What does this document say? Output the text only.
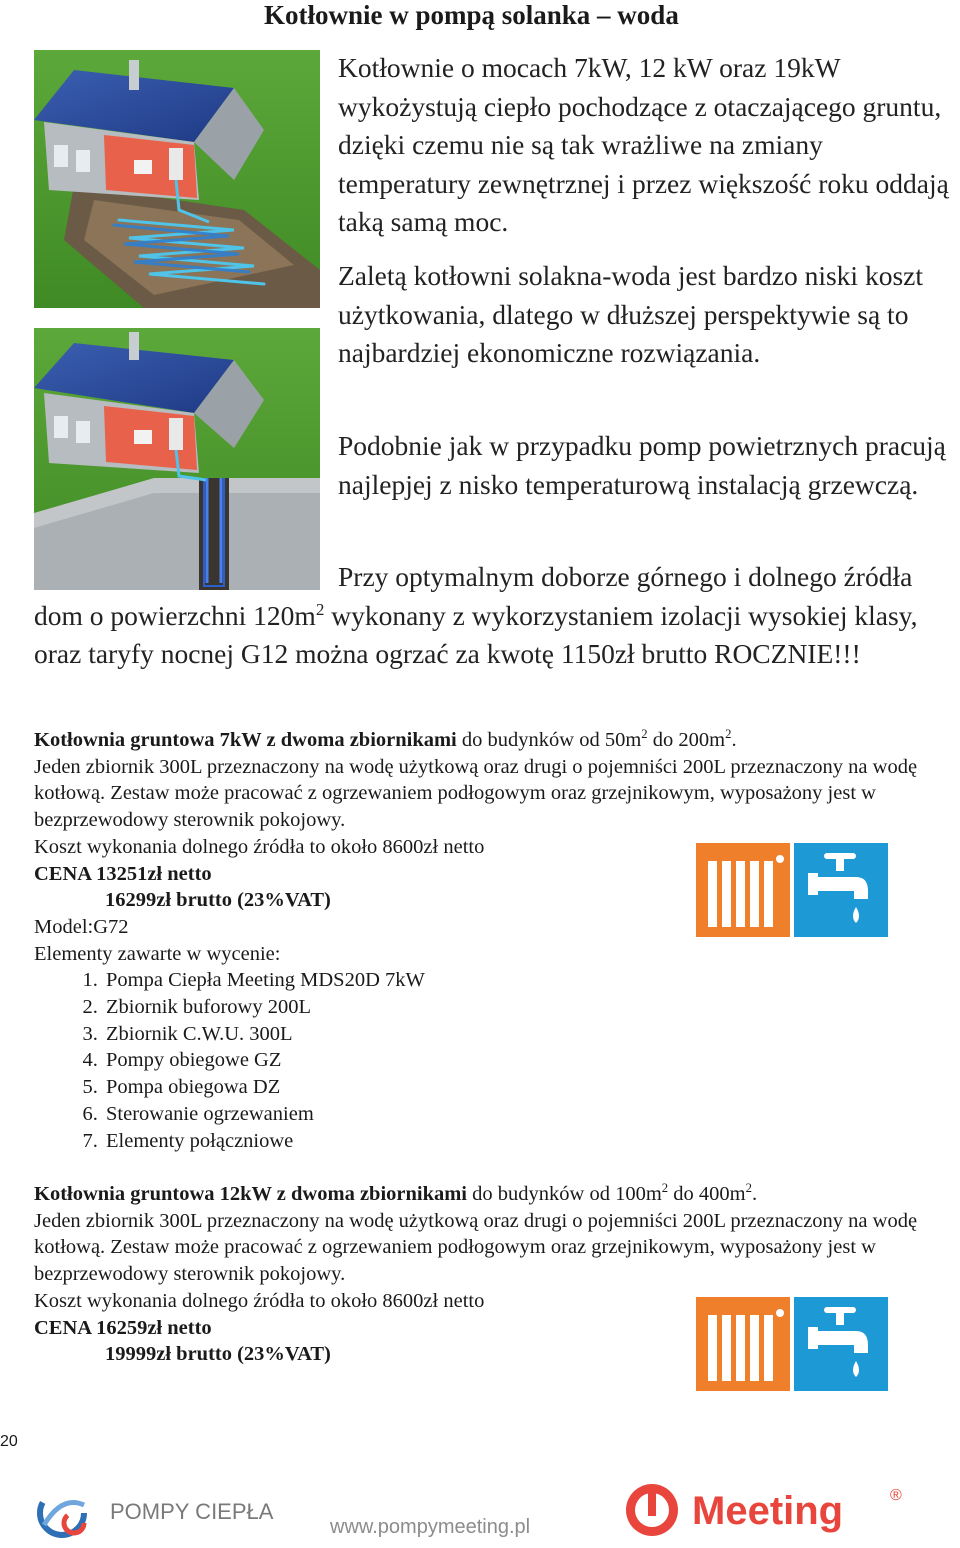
Kotłownie w pompą solanka – woda

Kotłownie o mocach 7kW, 12 kW oraz 19kW wykożystują ciepło pochodzące z otaczającego gruntu, dzięki czemu nie są tak wrażliwe na zmiany temperatury zewnętrznej i przez większość roku oddają taką samą moc.

Zaletą kotłowni solakna-woda jest bardzo niski koszt użytkowania, dlatego w dłuższej perspektywie są to najbardziej ekonomiczne rozwiązania.

Podobnie jak w przypadku pomp powietrznych pracują najlepjej z nisko temperaturową instalacją grzewczą.

Przy optymalnym doborze górnego i dolnego źródła dom o powierzchni $120m^2$ wykonany z wykorzystaniem izolacji wysokiej klasy, oraz taryfy nocnej G12 można ogrzać za kwotę 1150zł brutto ROCZNIE!!!

Kotłownia gruntowa 7kW z dwoma zbiornikami do budynków od $50m^2$ do $200m^2$.

Jeden zbiornik 300L przeznaczony na wodę użytkową oraz drugi o pojemniści 200L przeznaczony na wodę kotłową. Zestaw może pracować z ogrzewaniem podłogowym oraz grzejnikowym, wyposażony jest w bezprzewodowy sterownik pokojowy.

Koszt wykonania dolnego źródła to około 8600zł netto

CENA 13251zł netto

16299zł brutto (23%VAT)

Model:G72

Elementy zawarte w wycenie:

1. Pompa Ciepła Meeting MDS20D 7kW
2. Zbiornik buforowy 200L
3. Zbiornik C.W.U. 300L
4. Pompy obiegowe GZ
5. Pompa obiegowa DZ
6. Sterowanie ogrzewaniem
7. Elementy połączniowe

Kotłownia gruntowa 12kW z dwoma zbiornikami do budynków od $100m^2$ do $400m^2$.

Jeden zbiornik 300L przeznaczony na wodę użytkową oraz drugi o pojemniści 200L przeznaczony na wodę kotłową. Zestaw może pracować z ogrzewaniem podłogowym oraz grzejnikowym, wyposażony jest w bezprzewodowy sterownik pokojowy.

Koszt wykonania dolnego źródła to około 8600zł netto

CENA 16259zł netto

19999zł brutto (23%VAT)

20
POMPY CIEPŁA	Meeting	®
www.pompymeeting.pl
